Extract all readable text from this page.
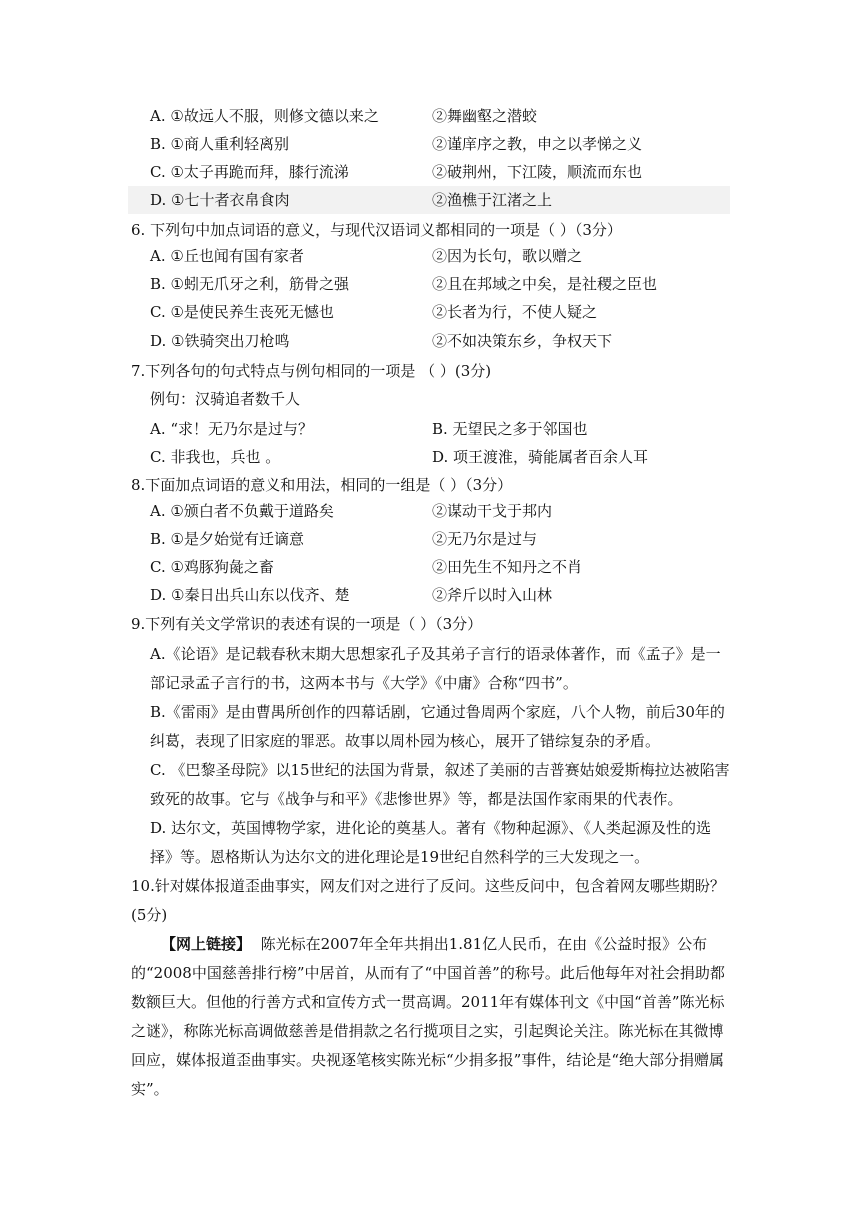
A. ①故远人不服，则修文德以来之	②舞幽壑之潜蛟
B. ①商人重利轻离别	②谨庠序之教，申之以孝悌之义
C. ①太子再跪而拜，膝行流涕	②破荆州，下江陵，顺流而东也
D. ①七十者衣帛食肉	②渔樵于江渚之上
6. 下列句中加点词语的意义，与现代汉语词义都相同的一项是（ ）（3分）
A. ①丘也闻有国有家者	②因为长句，歌以赠之
B. ①蚓无爪牙之利，筋骨之强	②且在邦域之中矣，是社稷之臣也
C. ①是使民养生丧死无憾也	②长者为行，不使人疑之
D. ①铁骑突出刀枪鸣	②不如决策东乡，争权天下
7.下列各句的句式特点与例句相同的一项是 （ ）(3分)
例句：汉骑追者数千人
A. “求！无乃尔是过与？	B. 无望民之多于邻国也
C. 非我也，兵也 。	D. 项王渡淮，骑能属者百余人耳
8.下面加点词语的意义和用法，相同的一组是（ ）（3分）
A. ①颁白者不负戴于道路矣	②谋动干戈于邦内
B. ①是夕始觉有迁谪意	②无乃尔是过与
C. ①鸡豚狗彘之畜	②田先生不知丹之不肖
D. ①秦日出兵山东以伐齐、楚	②斧斤以时入山林
9.下列有关文学常识的表述有误的一项是（ ）（3分）
A.《论语》是记载春秋末期大思想家孔子及其弟子言行的语录体著作，而《孟子》是一部记录孟子言行的书，这两本书与《大学》《中庸》合称“四书”。
B.《雷雨》是由曹禺所创作的四幕话剧，它通过鲁周两个家庭，八个人物，前后30年的纠葛，表现了旧家庭的罪恶。故事以周朴园为核心，展开了错综复杂的矛盾。
C. 《巴黎圣母院》以15世纪的法国为背景，叙述了美丽的吉普赛姑娘爱斯梅拉达被陷害致死的故事。它与《战争与和平》《悲惨世界》等，都是法国作家雨果的代表作。
D. 达尔文，英国博物学家，进化论的奠基人。著有《物种起源》、《人类起源及性的选择》等。恩格斯认为达尔文的进化理论是19世纪自然科学的三大发现之一。
10.针对媒体报道歪曲事实，网友们对之进行了反问。这些反问中，包含着网友哪些期盼？(5分)
【网上链接】 陈光标在2007年全年共捐出1.81亿人民币，在由《公益时报》公布的“2008中国慈善排行榜”中居首，从而有了“中国首善”的称号。此后他每年对社会捐助都数额巨大。但他的行善方式和宣传方式一贯高调。2011年有媒体刊文《中国“首善”陈光标之谜》，称陈光标高调做慈善是借捐款之名行揽项目之实，引起舆论关注。陈光标在其微博回应，媒体报道歪曲事实。央视逐笔核实陈光标“少捐多报”事件，结论是“绝大部分捐赠属实”。
